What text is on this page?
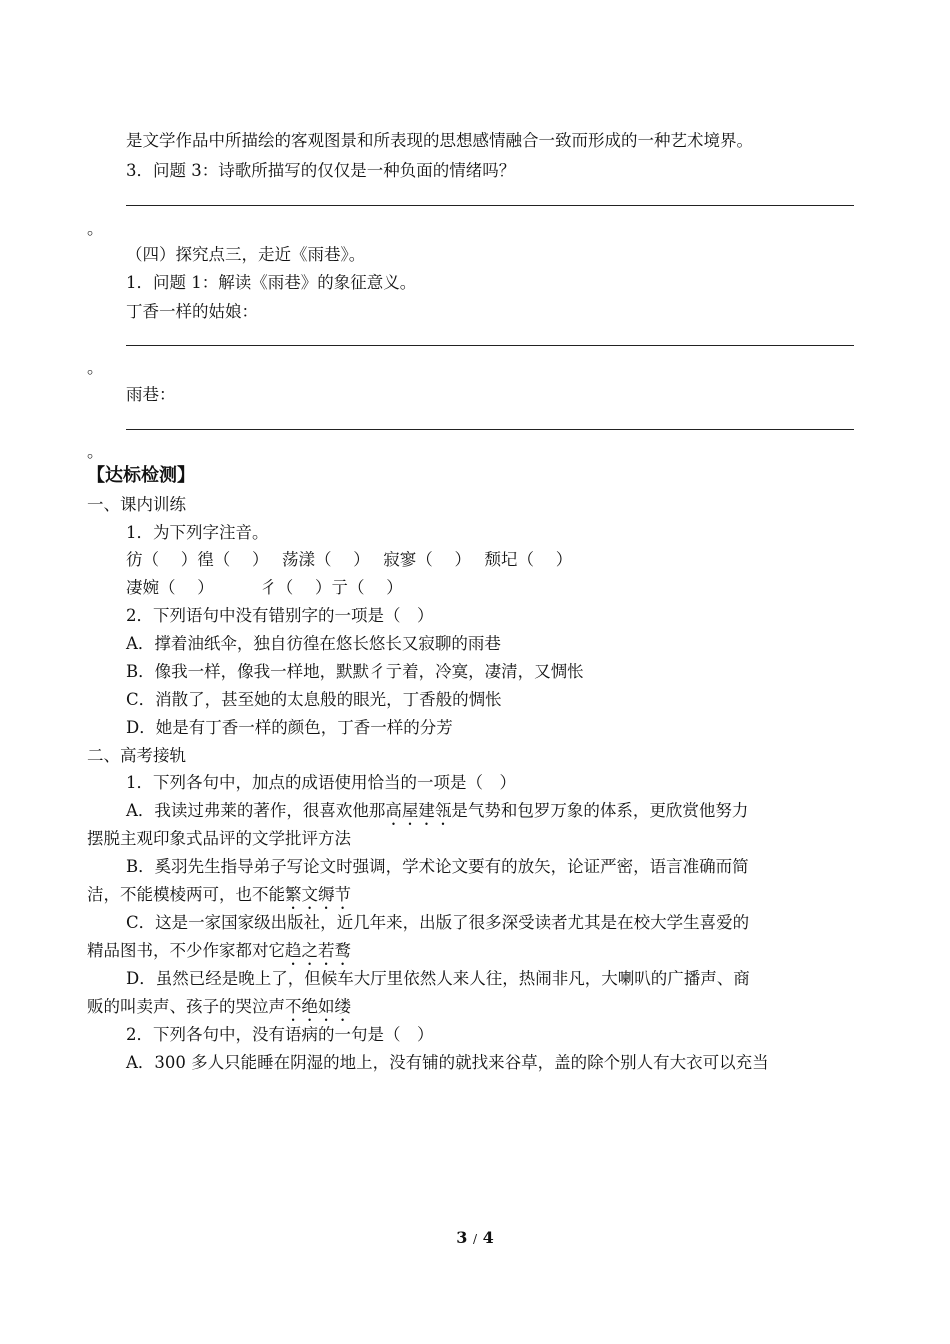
是文学作品中所描绘的客观图景和所表现的思想感情融合一致而形成的一种艺术境界。
3．问题 3：诗歌所描写的仅仅是一种负面的情绪吗？
。
（四）探究点三，走近《雨巷》。
1．问题 1：解读《雨巷》的象征意义。
丁香一样的姑娘：
。
雨巷：
。
【达标检测】
一、课内训练
1．为下列字注音。
彷（　 ）徨（　 ）　 荡漾（　 ）　 寂寥（　 ）　 颓圮（　 ）
凄婉（　 ）　　　 彳（　 ）亍（　 ）
2．下列语句中没有错别字的一项是（　）
A．撑着油纸伞，独自彷徨在悠长悠长又寂聊的雨巷
B．像我一样，像我一样地，默默彳亍着，冷寞，凄清，又惆怅
C．消散了，甚至她的太息般的眼光，丁香般的惆怅
D．她是有丁香一样的颜色，丁香一样的分芳
二、高考接轨
1．下列各句中，加点的成语使用恰当的一项是（　）
A．我读过弗莱的著作，很喜欢他那高屋建瓴是气势和包罗万象的体系，更欣赏他努力
摆脱主观印象式品评的文学批评方法
B．奚羽先生指导弟子写论文时强调，学术论文要有的放矢，论证严密，语言准确而简
洁，不能模棱两可，也不能繁文缛节
C．这是一家国家级出版社，近几年来，出版了很多深受读者尤其是在校大学生喜爱的
精品图书，不少作家都对它趋之若鹜
D．虽然已经是晚上了，但候车大厅里依然人来人往，热闹非凡，大喇叭的广播声、商
贩的叫卖声、孩子的哭泣声不绝如缕
2．下列各句中，没有语病的一句是（　）
A．300 多人只能睡在阴湿的地上，没有铺的就找来谷草，盖的除个别人有大衣可以充当
3 / 4
